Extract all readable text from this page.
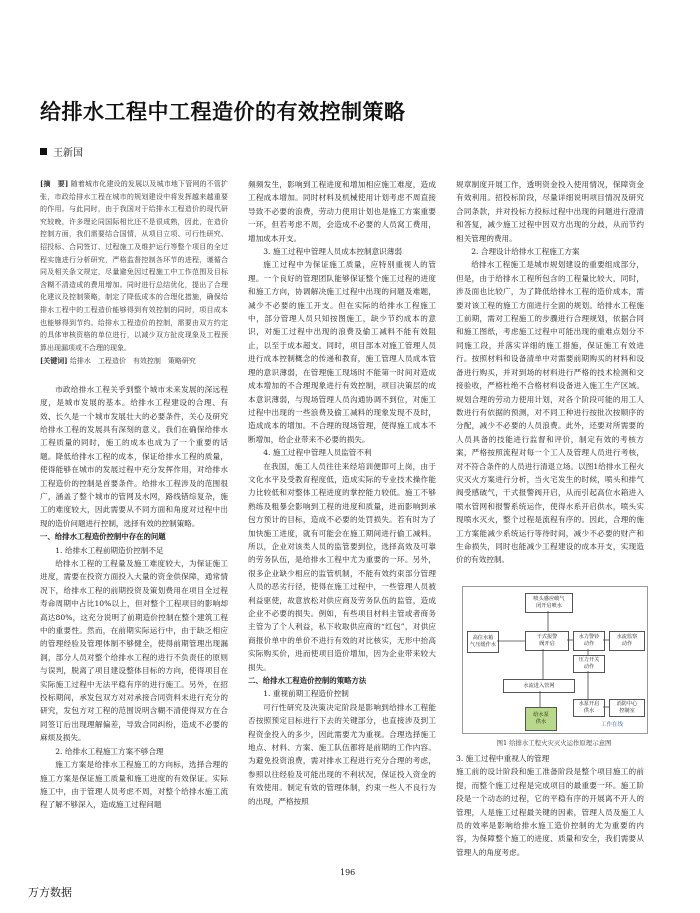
给排水工程中工程造价的有效控制策略
王新国

[摘　要] 随着城市化建设的发展以及城市地下管网的不管扩张，市政给排水工程在城市的规划建设中将发挥越来越重要的作用。与此同时，由于我国对于给排水工程造价的现代研究较晚，许多理论同国际相比还不是很成熟，因此，在造价控制方面，我们需要结合国情，从项目立项、可行性研究、招投标、合同签订、过程施工及维护运行等整个项目的全过程实施进行分析研究，严格监督控制各环节的进程，谨循合同及相关条文规定，尽量避免因过程施工中工作范围及目标含糊不清造成的费用增加。同时进行总结优化，提出了合理化建议及控制策略，制定了降低成本的合理化措施，确保给排水工程中的工程造价能够得到有效控制的同时，项目成本也能够得到节约。给排水工程造价的控制，需要由双方约定的具体审核资格的单位进行，以减少双方扯皮现象及工程预算出现漏项或不合理的现象。

[关键词] 给排水　工程造价　有效控制　策略研究

市政给排水工程关乎到整个城市未来发展的深远程度，是城市发展的基本。给排水工程建设的合理、有效、长久是一个城市发展壮大的必要条件，关心及研究给排水工程的发展具有深刻的意义。我们在确保给排水工程质量的同时，施工的成本也成为了一个重要的话题。降低给排水工程的成本，保证给排水工程的质量，使得能够在城市的发展过程中充分发挥作用，对给排水工程造价的控制是首要条件。给排水工程涉及的范围很广，涵盖了整个城市的管网及水网，路线错综复杂，施工的难度较大，因此需要从不同方面和角度对过程中出现的造价问题进行控制，选择有效的控制策略。

一、给排水工程造价控制中存在的问题

1. 给排水工程前期造价控制不足

给排水工程的工程量及施工难度较大，为保证施工进度，需要在投资方面投入大量的资金供保障，通常情况下，给排水工程的前期投资及策划费用在项目全过程寿命周期中占比10%以上，但对整个工程项目的影响却高达80%，这充分说明了前期造价控制在整个建筑工程中的重要性。然而，在前期实际运行中，由于缺乏相应的管理经验及管理体制不够健全，使得前期管理出现漏洞，部分人员对整个给排水工程的进行不负责任的原则与误判，脱离了项目建设整体目标的方向，使得项目在实际施工过程中无法平稳有序的进行施工。另外，在招投标期间，承发包双方对对承接合同资料未进行充分的研究，发包方对工程的范围说明含糊不清使得双方在合同签订后出现理解偏差，导致合同纠纷，造成不必要的麻烦及损失。

2. 给排水工程施工方案不够合理

施工方案是给排水工程施工的方向标，选择合理的施工方案是保证施工质量和施工进度的有效保证。实际施工中，由于管理人员考虑不周，对整个给排水施工流程了解不够深入，造成施工过程问题

频频发生，影响到工程进度和增加相应施工难度，造成工程成本增加。同时材料及机械使用计划考虑不周直接导致不必要的浪费，劳动力使用计划也是施工方案重要一环，但若考虑不周，会造成不必要的人员窝工费用，增加成本开支。

3. 施工过程中管理人员成本控制意识薄弱

施工过程中为保证施工质量，应特别重视人的管理。一个良好的管理团队能够保证整个施工过程的进度和施工方向，协调解决施工过程中出现的问题及难题，减少不必要的施工开支。但在实际的给排水工程施工中，部分管理人员只知按图施工，缺少节约成本的意识，对施工过程中出现的浪费及偷工减料不能有效阻止，以至于成本超支。同时，项目部本对施工管理人员进行成本控制概念的传递和教育，施工管理人员成本管理的意识薄弱，在管理施工现场时不能第一时间对造成成本增加的不合理现象进行有效控制，项目决策层的成本意识薄弱，与现场管理人员沟通协调不到位，对施工过程中出现的一些浪费及偷工减料的现象发现不及时，造成成本的增加。不合理的现场管理，使得施工成本不断增加，给企业带来不必要的损失。

4. 施工过程中管理人员监管不利

在我国，施工人员往往来经培训便即可上岗，由于文化水平及受教育程度低，造成实际的专业技术操作能力比较低和对整体工程进度的掌控能力较低。施工不够熟练及粗暴会影响到工程的进度和质量，进而影响到承包方预计的目标，造成不必要的处罚损失。若有时为了加快施工进度，就有可能会在施工期间进行偷工减料。所以，企业对该类人员的监管要到位，选择高效及可靠的劳务队伍，是给排水工程中尤为重要的一环。另外，很多企业缺少相应的监管机制，不能有效约束部分管理人员的恶劣行径，使得在施工过程中，一些管理人员被利益驱使，故意放松对供应商及劳务队伍的监管，造成企业不必要的损失。例如，有些项目材料主管或者商务主管为了个人利益，私下收取供应商的“红包”，对供应商报价单中的单价不进行有效的对比核实，无形中抬高实际购买价，进而使项目造价增加，因为企业带来较大损失。

二、给排水工程造价控制的策略方法

1. 重视前期工程造价控制

可行性研究及决策决定阶段是影响到给排水工程能否按照预定目标进行下去的关键部分，也直接涉及到工程资金投入的多少，因此需要尤为重视。合理选择施工地点、材料、方案、施工队伍都将是前期的工作内容。为避免投资浪费，需对排水工程进行充分合理的考虑，参照以往经验及可能出现的不利状况，保证投入资金的有效使用。制定有效的管理体制，约束一些人不良行为的出现，严格按照

规章制度开展工作，透明资金投入使用情况，保障资金有效利用。招投标阶段，尽量详细说明项目情况及研究合同条款，并对投标方投标过程中出现的问题进行澄清和答复，减少施工过程中因双方出现的分歧，从而节约相关管理的费用。

2. 合理设计给排水工程施工方案

给排水工程施工是城市规划建设的重要组成部分，但是，由于给排水工程所包含的工程量比较大，同时，涉及面也比较广，为了降低给排水工程的造价成本，需要对该工程的施工方面进行全面的规划。给排水工程施工前期，需对工程施工的步骤进行合理规划，依据合同和施工图纸，考虑施工过程中可能出现的重难点划分不同施工段，并落实详细的施工措施，保证施工有效进行。按照材料和设备清单中对需要前期购买的材料和设备进行购买，并对到场的材料进行严格的技术检测和交接验收，严格杜绝不合格材料设备进入施工生产区域。规划合理的劳动力使用计划，对各个阶段可能的用工人数进行有依据的预测，对不同工种进行按批次按顺序的分配，减少不必要的人员浪费。此外，还要对所需要的人员具备的技能进行监督和评价，制定有效的考核方案，严格按照流程对每一个工人及管理人员进行考核，对不符合条件的人员进行清退立场。以图1给排水工程火灾灭火方案进行分析，当火宅发生的时候，喷头和排气阀受感破气，干式报警阀开启，从而引起高位水箱进入喷水管网和报警系统运作，使得水系开启供水，喷头实现喷水灭火，整个过程是流程有序的。因此，合理的施工方案能减少系统运行等待时间，减少不必要的财产和生命损失，同时也能减少工程建设的成本开支，实现造价的有效控制。

喷头感应破气
闭开启喷水
高位水箱
气压缓作水
干式报警
阀开启
水力警铃
动作
水流监察
动作
压力开关
动作
水流进入管网
水泵开启
供水
消防中心
控制室
给水泵
供水	工作在线
图1 给排水工程火灾灭火运作原理示意图

3. 施工过程中重视人的管理

施工前的设计阶段和施工准备阶段是整个项目施工的前提，而整个施工过程是完成项目的最重要一环。施工阶段是一个动态的过程，它的平稳有序的开展离不开人的管理，人是施工过程最关键的因素，管理人员及施工人员的效率是影响给排水施工造价控制的尤为重要的内容，为保障整个施工的进度、质量和安全，我们需要从管理人的角度考虑。

196
万方数据
